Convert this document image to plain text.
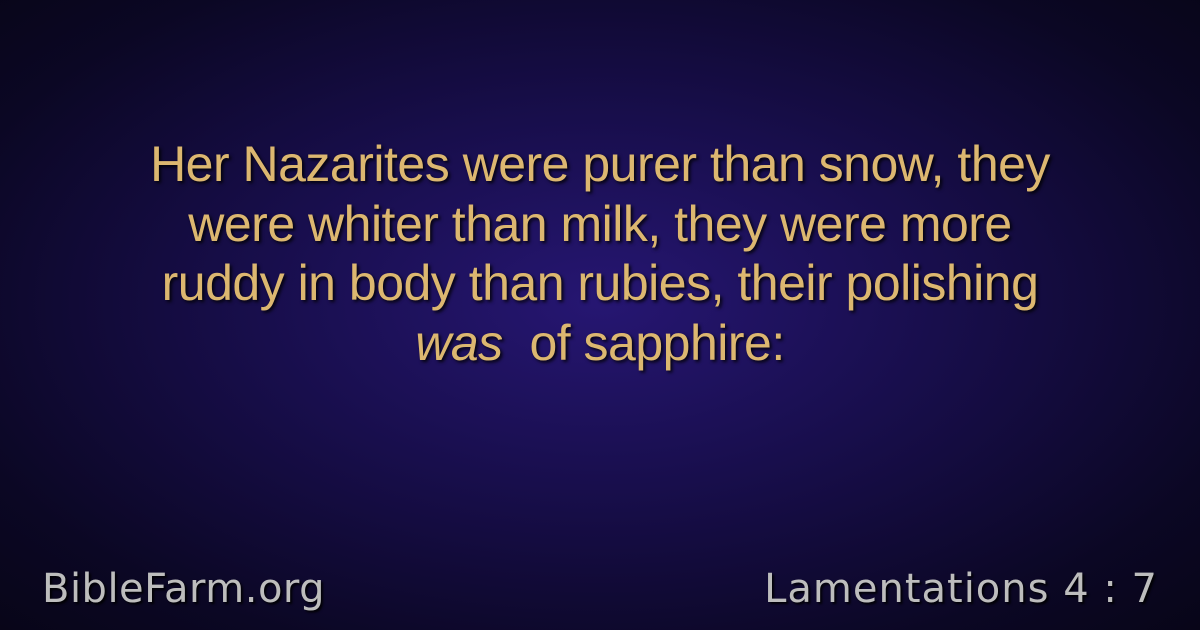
Her Nazarites were purer than snow, they
were whiter than milk, they were more
ruddy in body than rubies, their polishing
was of sapphire:
BibleFarm.org	Lamentations 4 : 7
